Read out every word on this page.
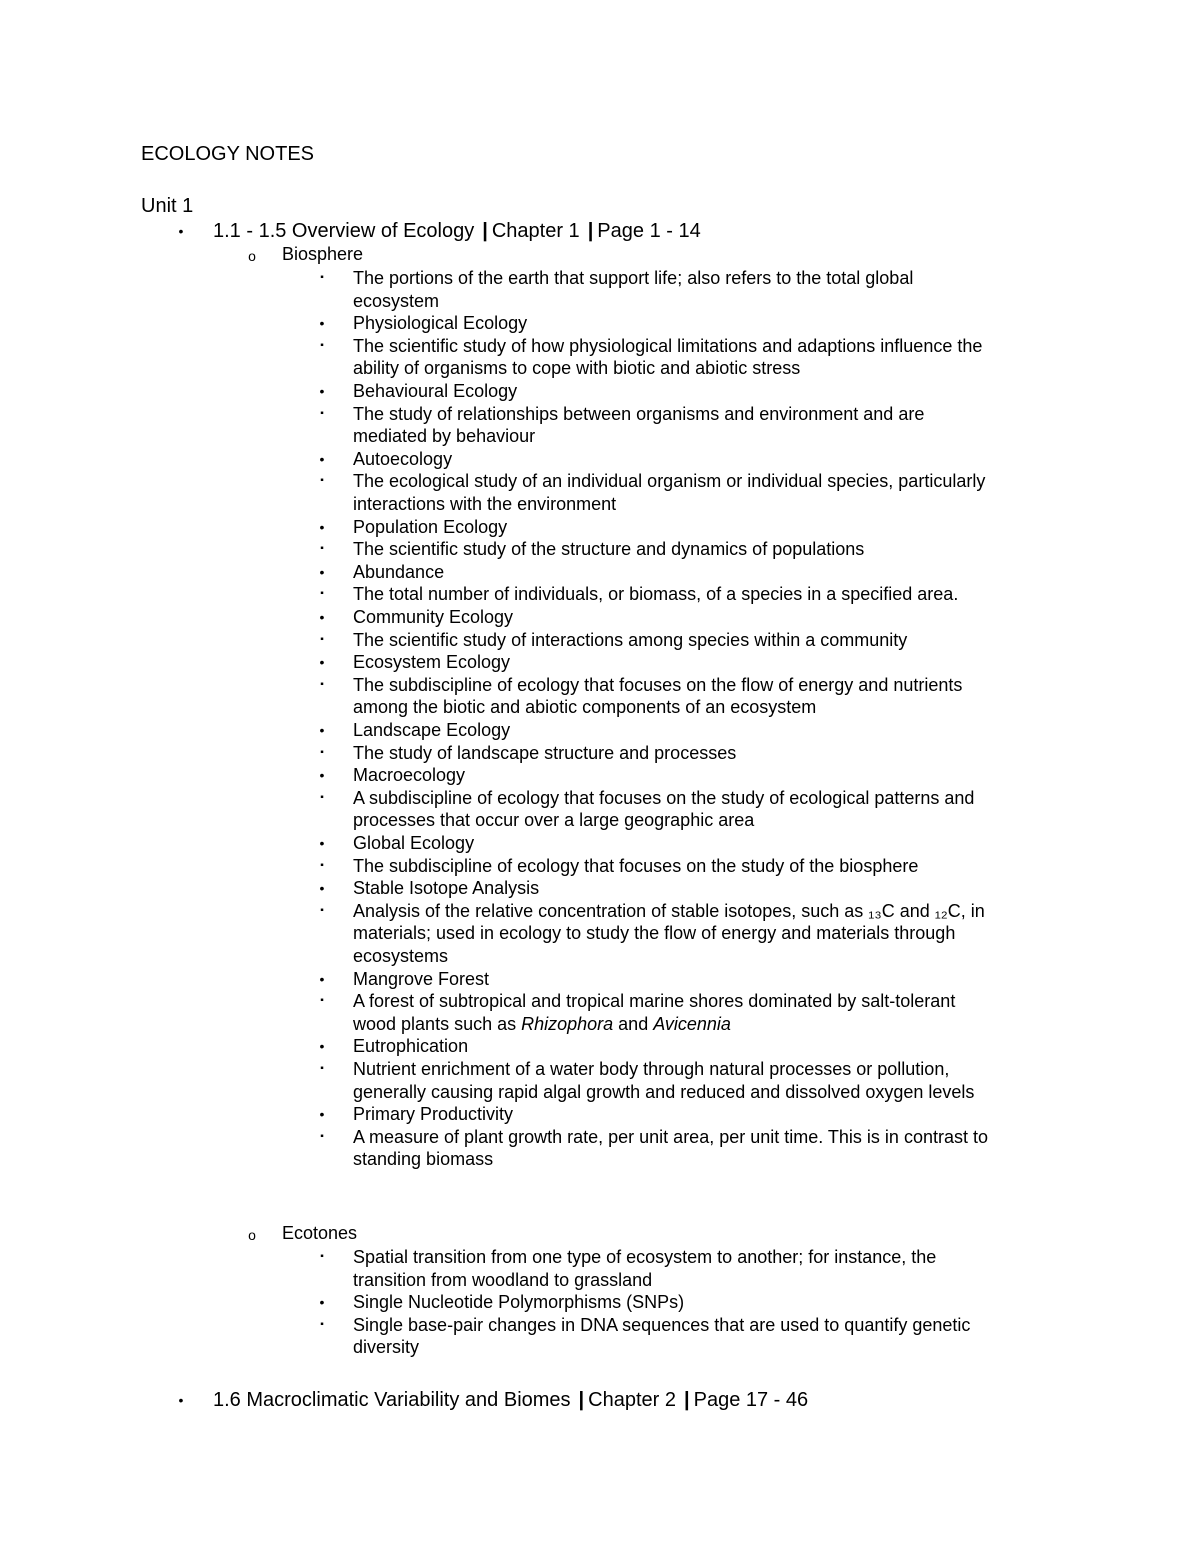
ECOLOGY NOTES
Unit 1
• 1.1 - 1.5 Overview of Ecology | Chapter 1 | Page 1 - 14
o Biosphere
▪ The portions of the earth that support life; also refers to the total global
ecosystem
• Physiological Ecology
▪ The scientific study of how physiological limitations and adaptions influence the
ability of organisms to cope with biotic and abiotic stress
• Behavioural Ecology
▪ The study of relationships between organisms and environment and are
mediated by behaviour
• Autoecology
▪ The ecological study of an individual organism or individual species, particularly
interactions with the environment
• Population Ecology
▪ The scientific study of the structure and dynamics of populations
• Abundance
▪ The total number of individuals, or biomass, of a species in a specified area.
• Community Ecology
▪ The scientific study of interactions among species within a community
• Ecosystem Ecology
▪ The subdiscipline of ecology that focuses on the flow of energy and nutrients
among the biotic and abiotic components of an ecosystem
• Landscape Ecology
▪ The study of landscape structure and processes
• Macroecology
▪ A subdiscipline of ecology that focuses on the study of ecological patterns and
processes that occur over a large geographic area
• Global Ecology
▪ The subdiscipline of ecology that focuses on the study of the biosphere
• Stable Isotope Analysis
▪ Analysis of the relative concentration of stable isotopes, such as ₁₃C and ₁₂C, in
materials; used in ecology to study the flow of energy and materials through
ecosystems
• Mangrove Forest
▪ A forest of subtropical and tropical marine shores dominated by salt-tolerant
wood plants such as Rhizophora and Avicennia
• Eutrophication
▪ Nutrient enrichment of a water body through natural processes or pollution,
generally causing rapid algal growth and reduced and dissolved oxygen levels
• Primary Productivity
▪ A measure of plant growth rate, per unit area, per unit time. This is in contrast to
standing biomass
o Ecotones
▪ Spatial transition from one type of ecosystem to another; for instance, the
transition from woodland to grassland
• Single Nucleotide Polymorphisms (SNPs)
▪ Single base-pair changes in DNA sequences that are used to quantify genetic
diversity
• 1.6 Macroclimatic Variability and Biomes | Chapter 2 | Page 17 - 46
